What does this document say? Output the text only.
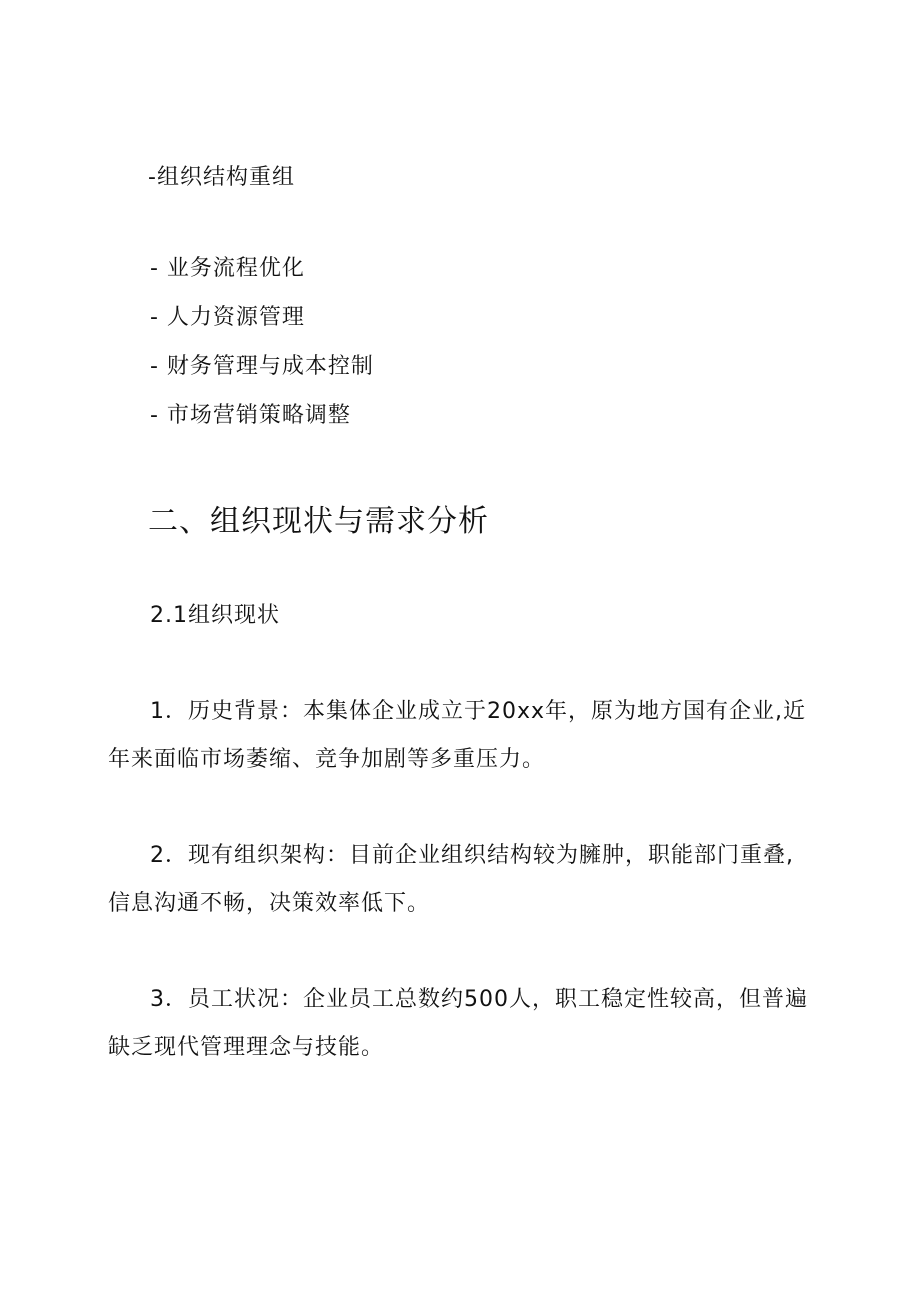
-组织结构重组
- 业务流程优化
- 人力资源管理
- 财务管理与成本控制
- 市场营销策略调整
二、组织现状与需求分析
2.1组织现状
1．历史背景：本集体企业成立于20xx年，原为地方国有企业,近
年来面临市场萎缩、竞争加剧等多重压力。
2．现有组织架构：目前企业组织结构较为臃肿，职能部门重叠,
信息沟通不畅，决策效率低下。
3．员工状况：企业员工总数约500人，职工稳定性较高，但普遍
缺乏现代管理理念与技能。
